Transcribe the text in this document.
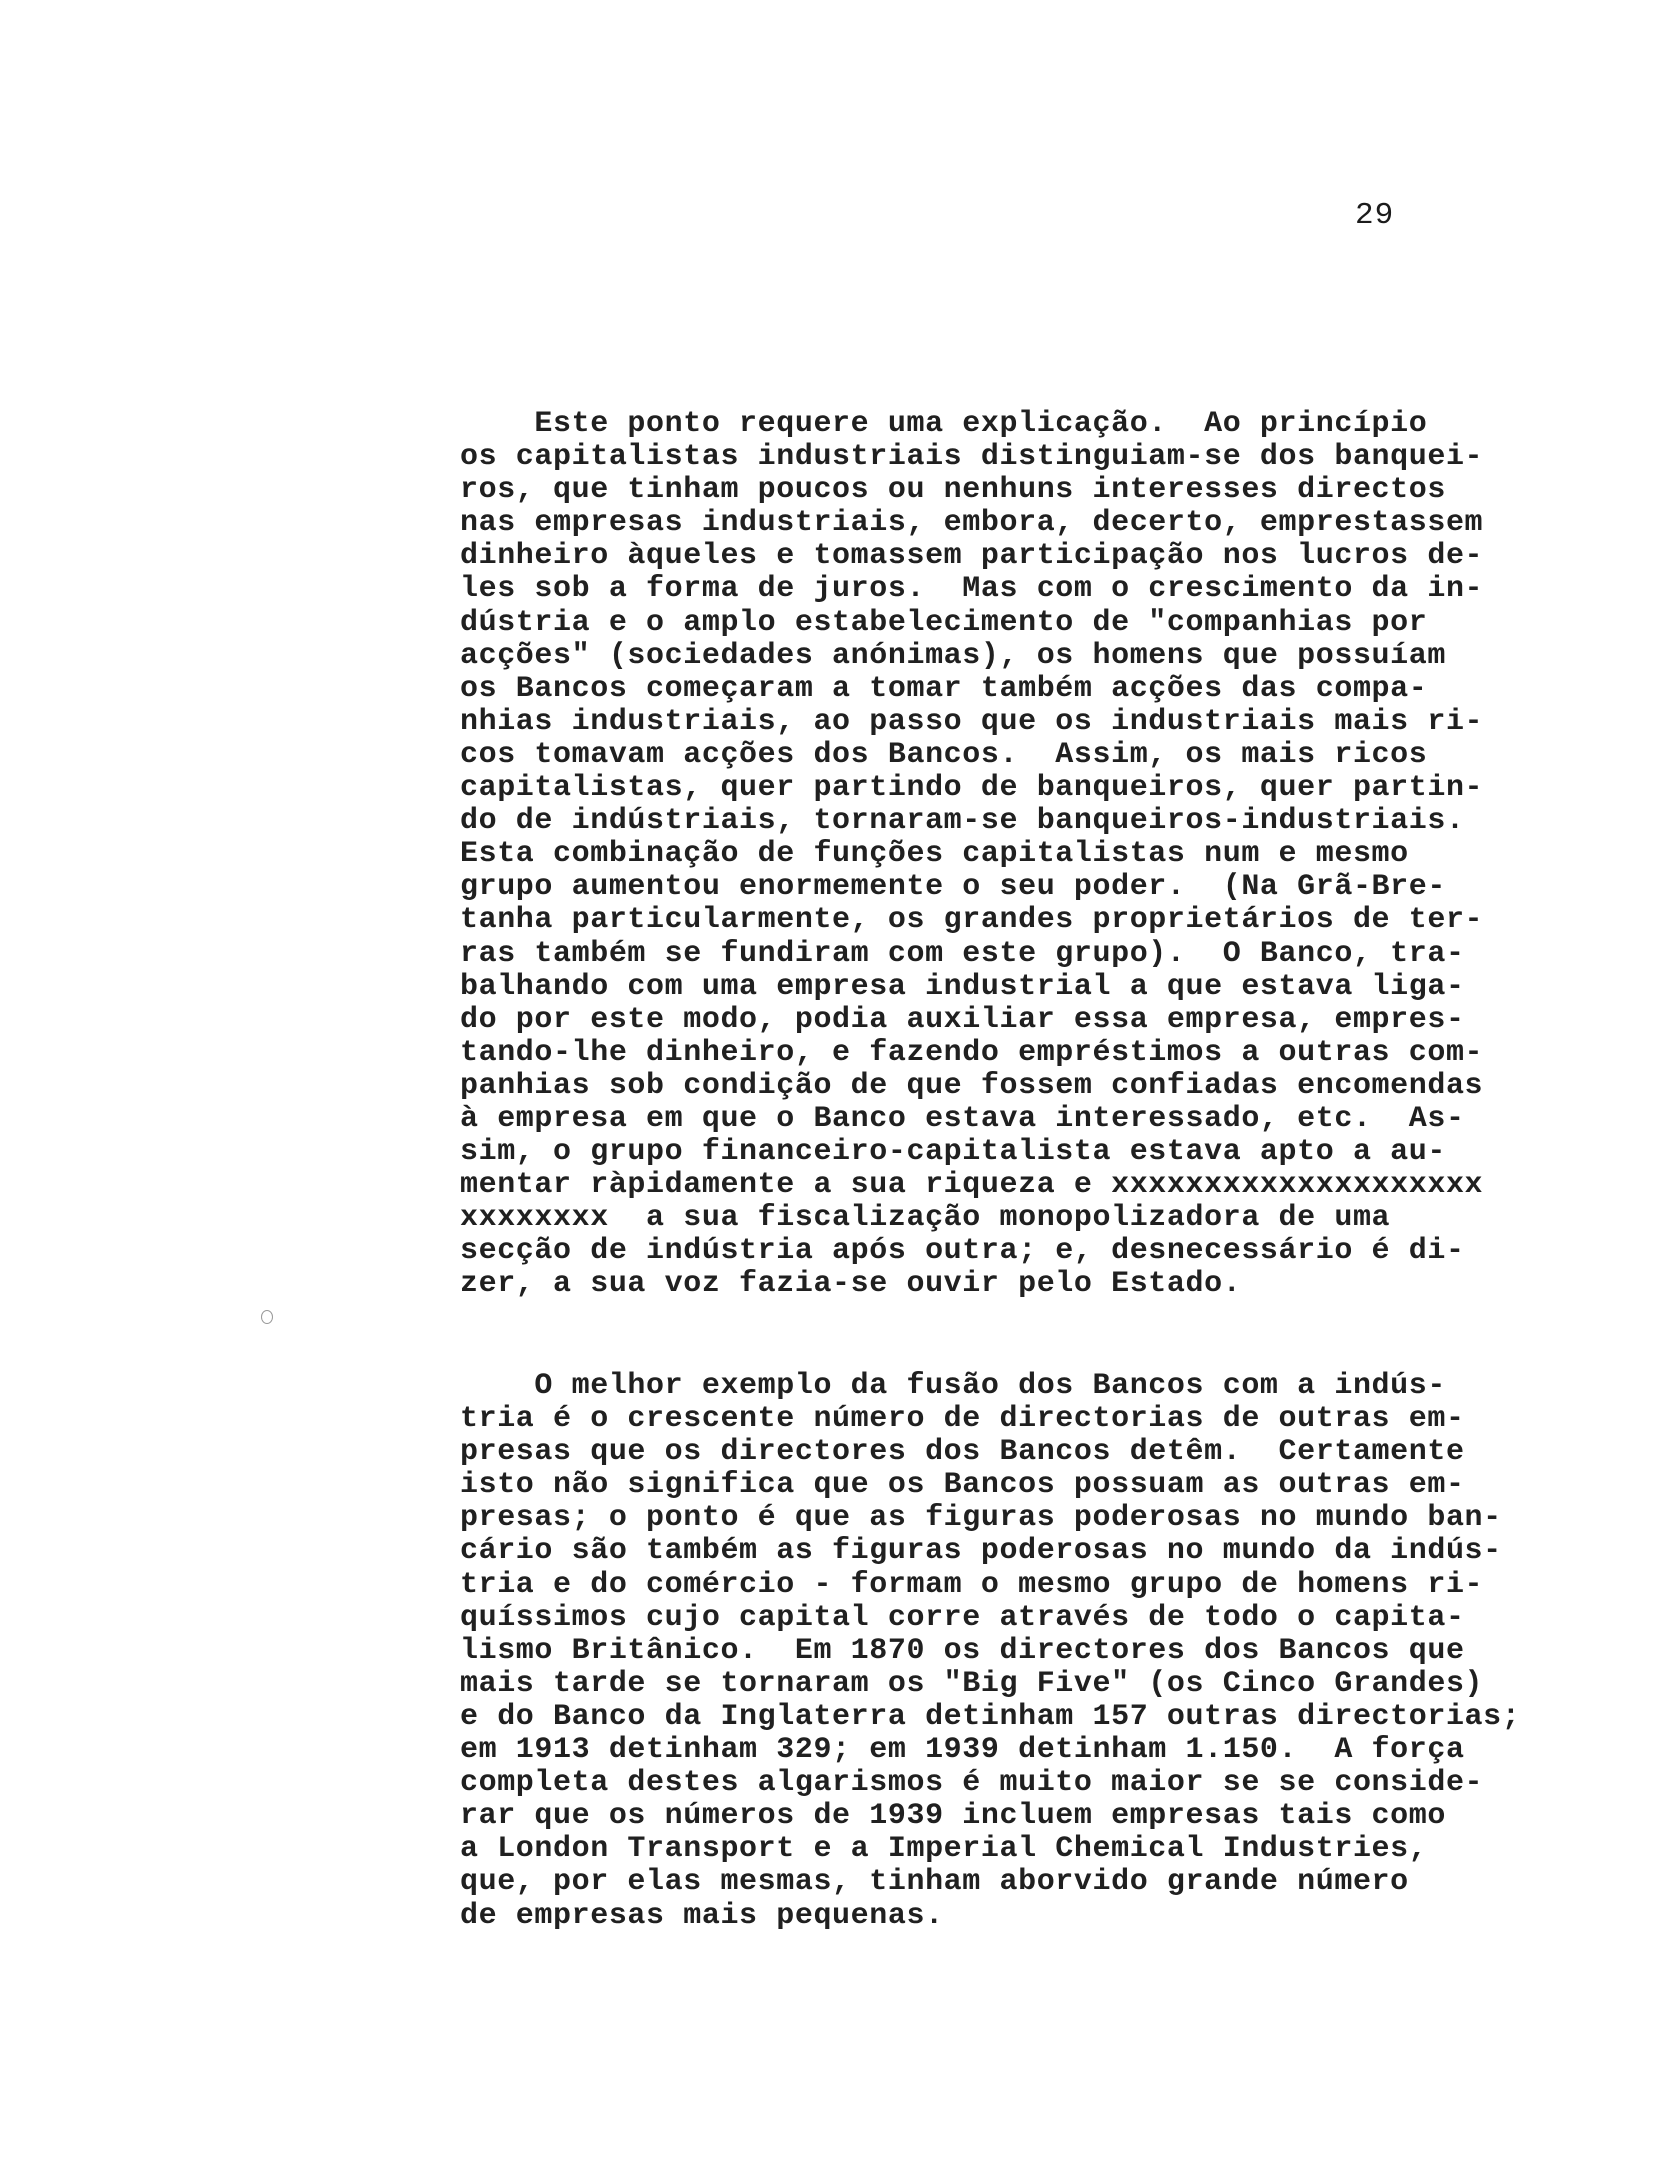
29
Este ponto requere uma explicação.  Ao princípio
os capitalistas industriais distinguiam-se dos banquei-
ros, que tinham poucos ou nenhuns interesses directos
nas empresas industriais, embora, decerto, emprestassem
dinheiro àqueles e tomassem participação nos lucros de-
les sob a forma de juros.  Mas com o crescimento da in-
dústria e o amplo estabelecimento de "companhias por
acções" (sociedades anónimas), os homens que possuíam
os Bancos começaram a tomar também acções das compa-
nhias industriais, ao passo que os industriais mais ri-
cos tomavam acções dos Bancos.  Assim, os mais ricos
capitalistas, quer partindo de banqueiros, quer partin-
do de indústriais, tornaram-se banqueiros-industriais.
Esta combinação de funções capitalistas num e mesmo
grupo aumentou enormemente o seu poder.  (Na Grã-Bre-
tanha particularmente, os grandes proprietários de ter-
ras também se fundiram com este grupo).  O Banco, tra-
balhando com uma empresa industrial a que estava liga-
do por este modo, podia auxiliar essa empresa, empres-
tando-lhe dinheiro, e fazendo empréstimos a outras com-
panhias sob condição de que fossem confiadas encomendas
à empresa em que o Banco estava interessado, etc.  As-
sim, o grupo financeiro-capitalista estava apto a au-
mentar ràpidamente a sua riqueza e xxxxxxxxxxxxxxxxxxxx
xxxxxxxx  a sua fiscalização monopolizadora de uma
secção de indústria após outra; e, desnecessário é di-
zer, a sua voz fazia-se ouvir pelo Estado.
O melhor exemplo da fusão dos Bancos com a indús-
tria é o crescente número de directorias de outras em-
presas que os directores dos Bancos detêm.  Certamente
isto não significa que os Bancos possuam as outras em-
presas; o ponto é que as figuras poderosas no mundo ban-
cário são também as figuras poderosas no mundo da indús-
tria e do comércio - formam o mesmo grupo de homens ri-
quíssimos cujo capital corre através de todo o capita-
lismo Britânico.  Em 1870 os directores dos Bancos que
mais tarde se tornaram os "Big Five" (os Cinco Grandes)
e do Banco da Inglaterra detinham 157 outras directorias;
em 1913 detinham 329; em 1939 detinham 1.150.  A força
completa destes algarismos é muito maior se se conside-
rar que os números de 1939 incluem empresas tais como
a London Transport e a Imperial Chemical Industries,
que, por elas mesmas, tinham aborvido grande número
de empresas mais pequenas.
